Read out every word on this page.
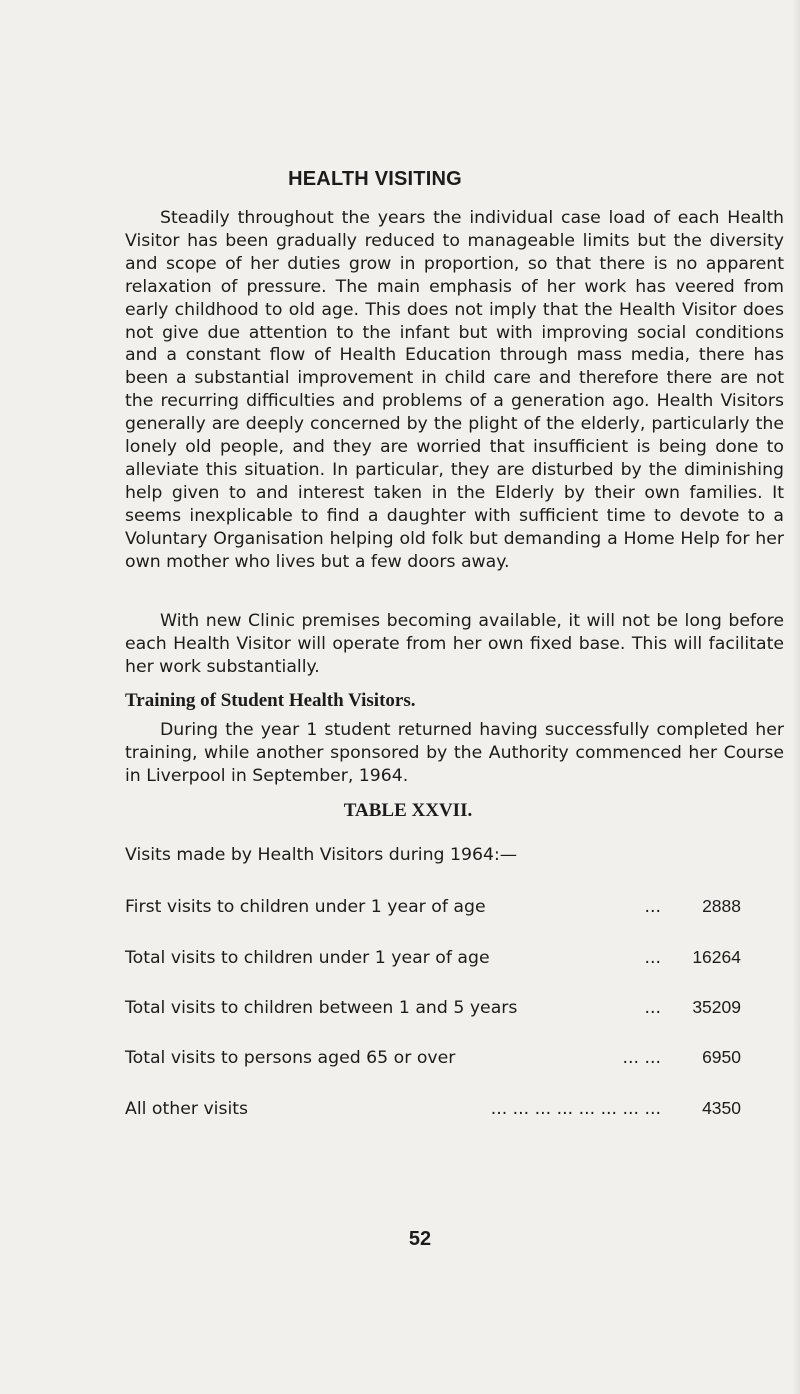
HEALTH VISITING
Steadily throughout the years the individual case load of each Health Visitor has been gradually reduced to manageable limits but the diversity and scope of her duties grow in proportion, so that there is no apparent relaxation of pressure. The main emphasis of her work has veered from early childhood to old age. This does not imply that the Health Visitor does not give due attention to the infant but with improving social conditions and a constant flow of Health Education through mass media, there has been a substantial improvement in child care and therefore there are not the recurring difficulties and problems of a generation ago. Health Visitors generally are deeply concerned by the plight of the elderly, particularly the lonely old people, and they are worried that insufficient is being done to alleviate this situation. In particular, they are disturbed by the diminishing help given to and interest taken in the Elderly by their own families. It seems inexplicable to find a daughter with sufficient time to devote to a Voluntary Organisation helping old folk but demanding a Home Help for her own mother who lives but a few doors away.
With new Clinic premises becoming available, it will not be long before each Health Visitor will operate from her own fixed base. This will facilitate her work substantially.
Training of Student Health Visitors.
During the year 1 student returned having successfully completed her training, while another sponsored by the Authority commenced her Course in Liverpool in September, 1964.
TABLE XXVII.
Visits made by Health Visitors during 1964:—
First visits to children under 1 year of age	...	2888
Total visits to children under 1 year of age	...	16264
Total visits to children between 1 and 5 years	...	35209
Total visits to persons aged 65 or over	... ...	6950
All other visits	... ... ... ... ... ... ... ...	4350
52
